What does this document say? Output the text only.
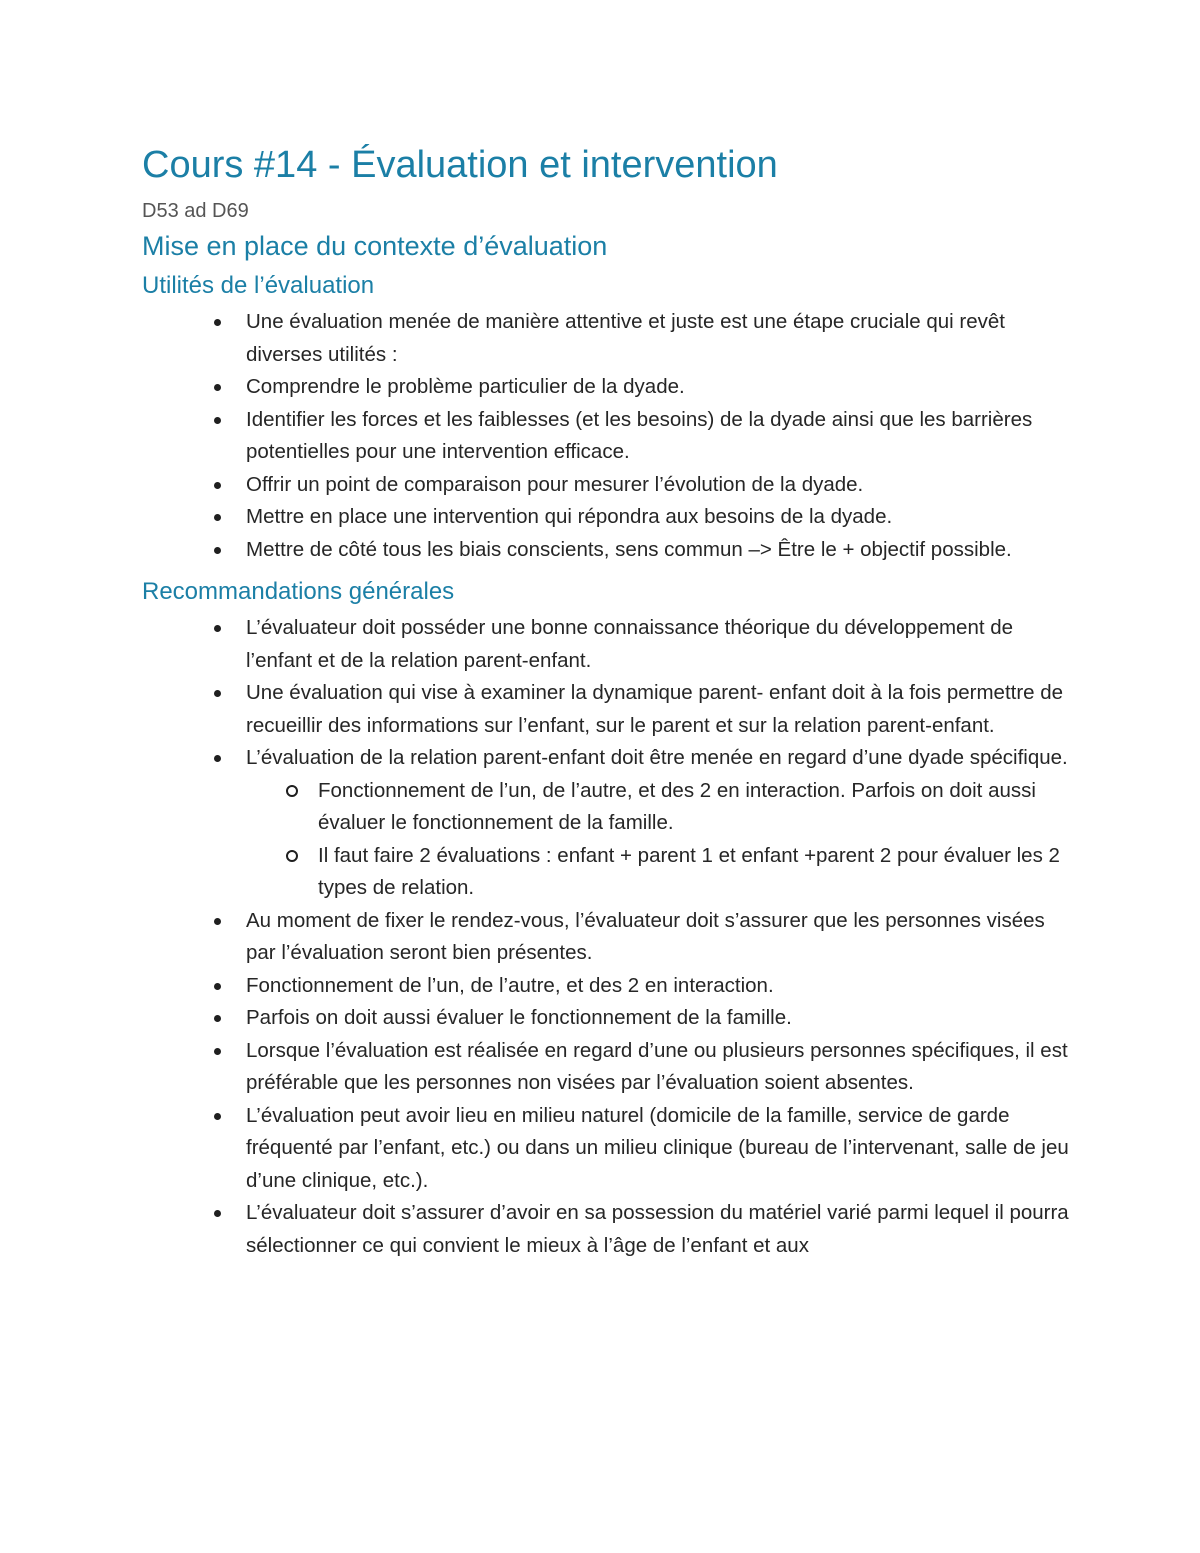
Cours #14 - Évaluation et intervention
D53 ad D69
Mise en place du contexte d’évaluation
Utilités de l’évaluation
Une évaluation menée de manière attentive et juste est une étape cruciale qui revêt diverses utilités :
Comprendre le problème particulier de la dyade.
Identifier les forces et les faiblesses (et les besoins) de la dyade ainsi que les barrières potentielles pour une intervention efficace.
Offrir un point de comparaison pour mesurer l’évolution de la dyade.
Mettre en place une intervention qui répondra aux besoins de la dyade.
Mettre de côté tous les biais conscients, sens commun –> Être le + objectif possible.
Recommandations générales
L’évaluateur doit posséder une bonne connaissance théorique du développement de l’enfant et de la relation parent-enfant.
Une évaluation qui vise à examiner la dynamique parent- enfant doit à la fois permettre de recueillir des informations sur l’enfant, sur le parent et sur la relation parent-enfant.
L’évaluation de la relation parent-enfant doit être menée en regard d’une dyade spécifique.
Fonctionnement de l’un, de l’autre, et des 2 en interaction. Parfois on doit aussi évaluer le fonctionnement de la famille.
Il faut faire 2 évaluations : enfant + parent 1 et enfant +parent 2 pour évaluer les 2 types de relation.
Au moment de fixer le rendez-vous, l’évaluateur doit s’assurer que les personnes visées par l’évaluation seront bien présentes.
Fonctionnement de l’un, de l’autre, et des 2 en interaction.
Parfois on doit aussi évaluer le fonctionnement de la famille.
Lorsque l’évaluation est réalisée en regard d’une ou plusieurs personnes spécifiques, il est préférable que les personnes non visées par l’évaluation soient absentes.
L’évaluation peut avoir lieu en milieu naturel (domicile de la famille, service de garde fréquenté par l’enfant, etc.) ou dans un milieu clinique (bureau de l’intervenant, salle de jeu d’une clinique, etc.).
L’évaluateur doit s’assurer d’avoir en sa possession du matériel varié parmi lequel il pourra sélectionner ce qui convient le mieux à l’âge de l’enfant et aux
